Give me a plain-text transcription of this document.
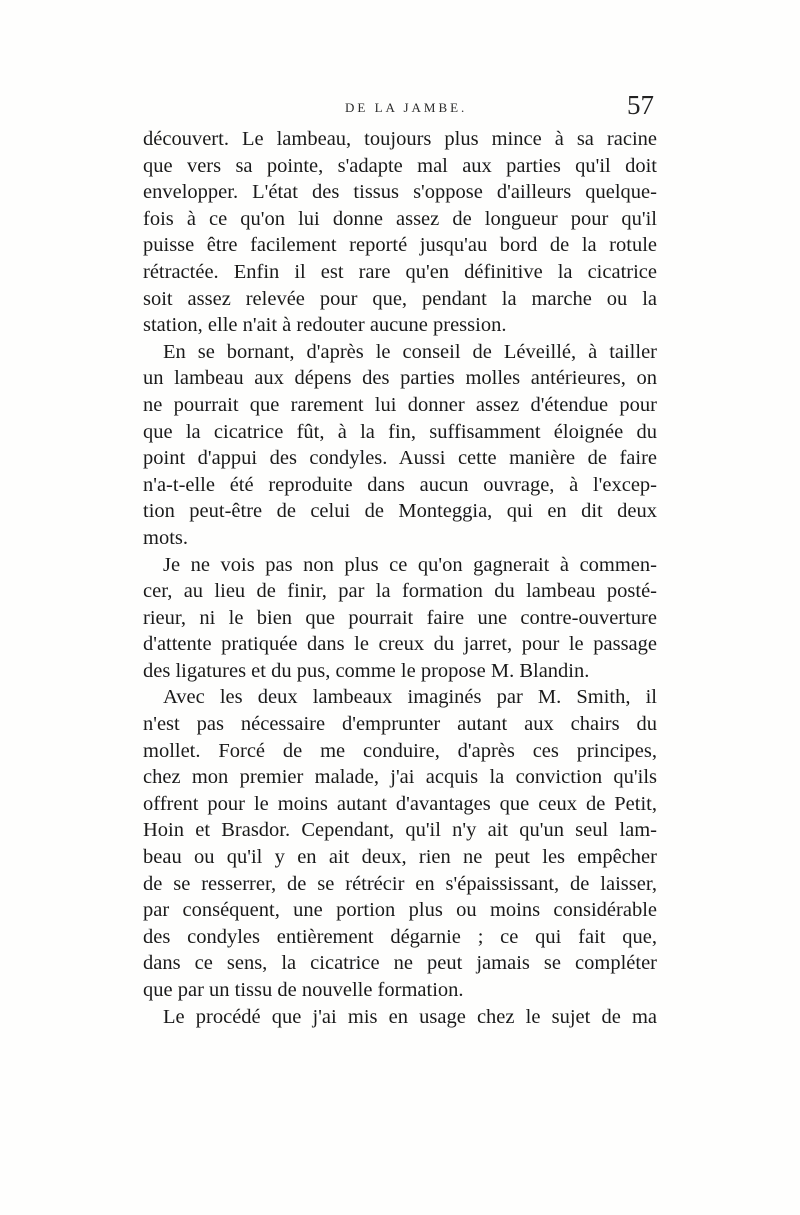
DE LA JAMBE.	57
découvert. Le lambeau, toujours plus mince à sa racine
que vers sa pointe, s'adapte mal aux parties qu'il doit
envelopper. L'état des tissus s'oppose d'ailleurs quelque-
fois à ce qu'on lui donne assez de longueur pour qu'il
puisse être facilement reporté jusqu'au bord de la rotule
rétractée. Enfin il est rare qu'en définitive la cicatrice
soit assez relevée pour que, pendant la marche ou la
station, elle n'ait à redouter aucune pression.
En se bornant, d'après le conseil de Léveillé, à tailler
un lambeau aux dépens des parties molles antérieures, on
ne pourrait que rarement lui donner assez d'étendue pour
que la cicatrice fût, à la fin, suffisamment éloignée du
point d'appui des condyles. Aussi cette manière de faire
n'a-t-elle été reproduite dans aucun ouvrage, à l'excep-
tion peut-être de celui de Monteggia, qui en dit deux
mots.
Je ne vois pas non plus ce qu'on gagnerait à commen-
cer, au lieu de finir, par la formation du lambeau posté-
rieur, ni le bien que pourrait faire une contre-ouverture
d'attente pratiquée dans le creux du jarret, pour le passage
des ligatures et du pus, comme le propose M. Blandin.
Avec les deux lambeaux imaginés par M. Smith, il
n'est pas nécessaire d'emprunter autant aux chairs du
mollet. Forcé de me conduire, d'après ces principes,
chez mon premier malade, j'ai acquis la conviction qu'ils
offrent pour le moins autant d'avantages que ceux de Petit,
Hoin et Brasdor. Cependant, qu'il n'y ait qu'un seul lam-
beau ou qu'il y en ait deux, rien ne peut les empêcher
de se resserrer, de se rétrécir en s'épaississant, de laisser,
par conséquent, une portion plus ou moins considérable
des condyles entièrement dégarnie ; ce qui fait que,
dans ce sens, la cicatrice ne peut jamais se compléter
que par un tissu de nouvelle formation.
Le procédé que j'ai mis en usage chez le sujet de ma
